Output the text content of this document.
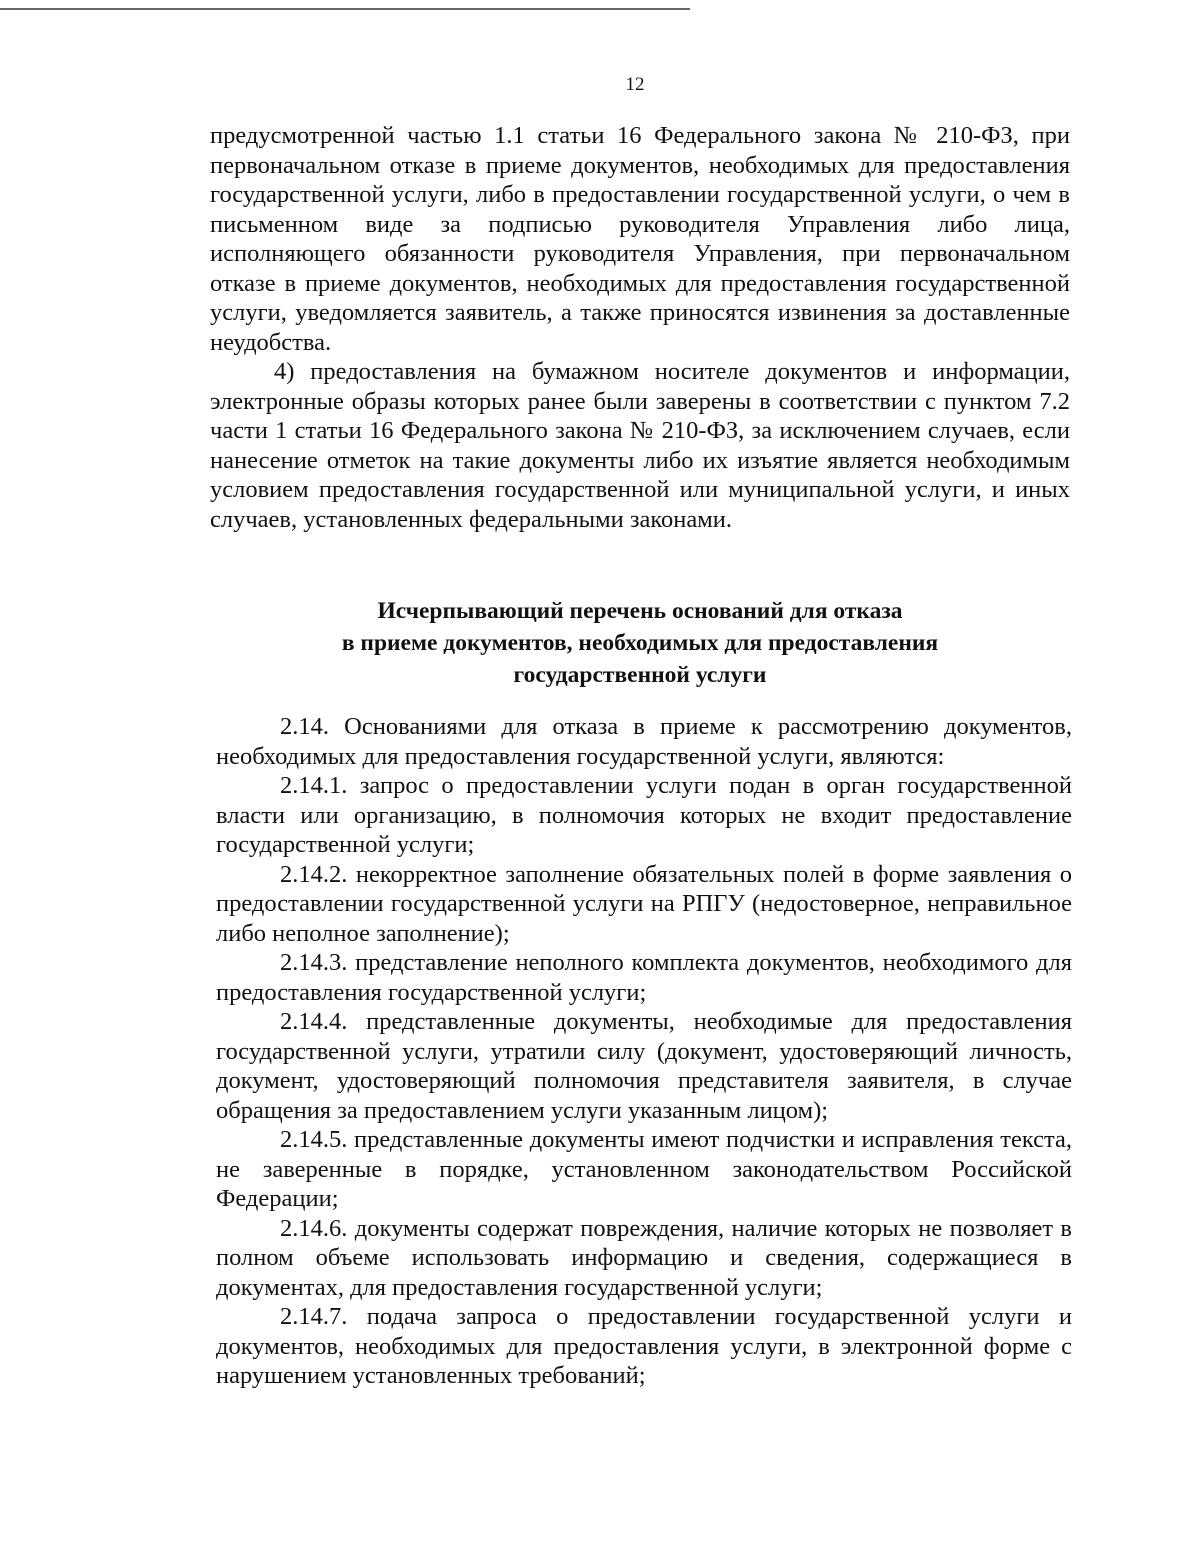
12

предусмотренной частью 1.1 статьи 16 Федерального закона № 210-ФЗ, при первоначальном отказе в приеме документов, необходимых для предоставления государственной услуги, либо в предоставлении государственной услуги, о чем в письменном виде за подписью руководителя Управления либо лица, исполняющего обязанности руководителя Управления, при первоначальном отказе в приеме документов, необходимых для предоставления государственной услуги, уведомляется заявитель, а также приносятся извинения за доставленные неудобства.

4) предоставления на бумажном носителе документов и информации, электронные образы которых ранее были заверены в соответствии с пунктом 7.2 части 1 статьи 16 Федерального закона № 210-ФЗ, за исключением случаев, если нанесение отметок на такие документы либо их изъятие является необходимым условием предоставления государственной или муниципальной услуги, и иных случаев, установленных федеральными законами.

Исчерпывающий перечень оснований для отказа
в приеме документов, необходимых для предоставления
государственной услуги

2.14. Основаниями для отказа в приеме к рассмотрению документов, необходимых для предоставления государственной услуги, являются:

2.14.1. запрос о предоставлении услуги подан в орган государственной власти или организацию, в полномочия которых не входит предоставление государственной услуги;

2.14.2. некорректное заполнение обязательных полей в форме заявления о предоставлении государственной услуги на РПГУ (недостоверное, неправильное либо неполное заполнение);

2.14.3. представление неполного комплекта документов, необходимого для предоставления государственной услуги;

2.14.4. представленные документы, необходимые для предоставления государственной услуги, утратили силу (документ, удостоверяющий личность, документ, удостоверяющий полномочия представителя заявителя, в случае обращения за предоставлением услуги указанным лицом);

2.14.5. представленные документы имеют подчистки и исправления текста, не заверенные в порядке, установленном законодательством Российской Федерации;

2.14.6. документы содержат повреждения, наличие которых не позволяет в полном объеме использовать информацию и сведения, содержащиеся в документах, для предоставления государственной услуги;

2.14.7. подача запроса о предоставлении государственной услуги и документов, необходимых для предоставления услуги, в электронной форме с нарушением установленных требований;
